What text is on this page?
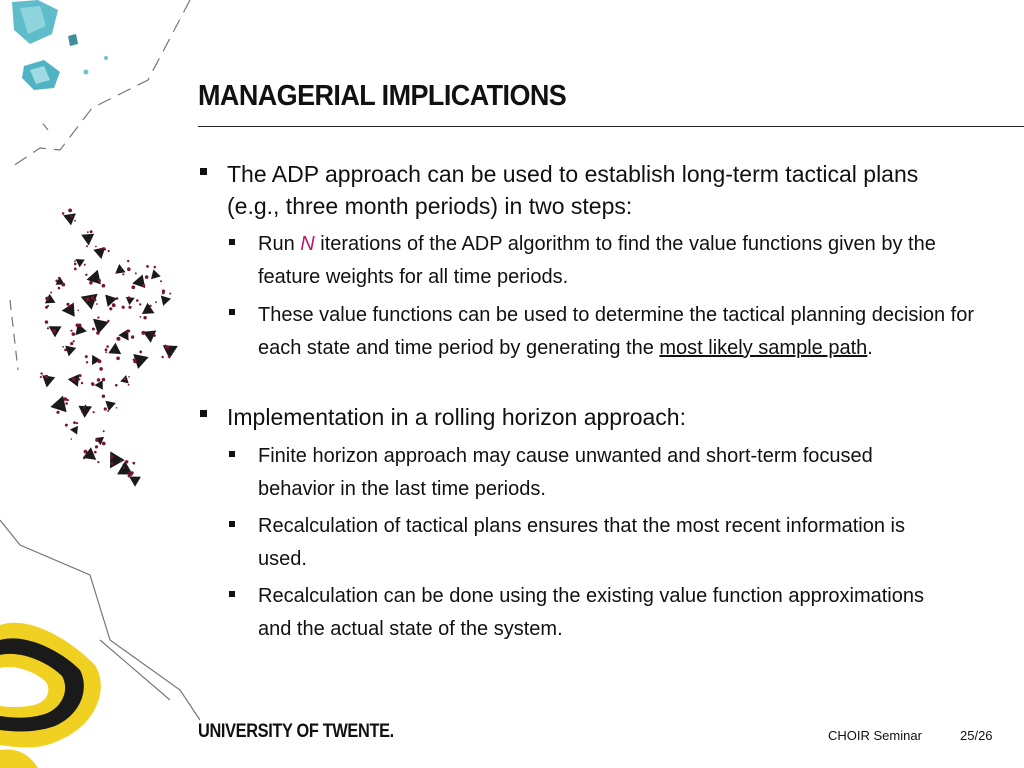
MANAGERIAL IMPLICATIONS

The ADP approach can be used to establish long-term tactical plans (e.g., three month periods) in two steps:

Run N iterations of the ADP algorithm to find the value functions given by the feature weights for all time periods.

These value functions can be used to determine the tactical planning decision for each state and time period by generating the most likely sample path.

Implementation in a rolling horizon approach:

Finite horizon approach may cause unwanted and short-term focused behavior in the last time periods.

Recalculation of tactical plans ensures that the most recent information is used.

Recalculation can be done using the existing value function approximations and the actual state of the system.

UNIVERSITY OF TWENTE.	CHOIR Seminar	25/26
